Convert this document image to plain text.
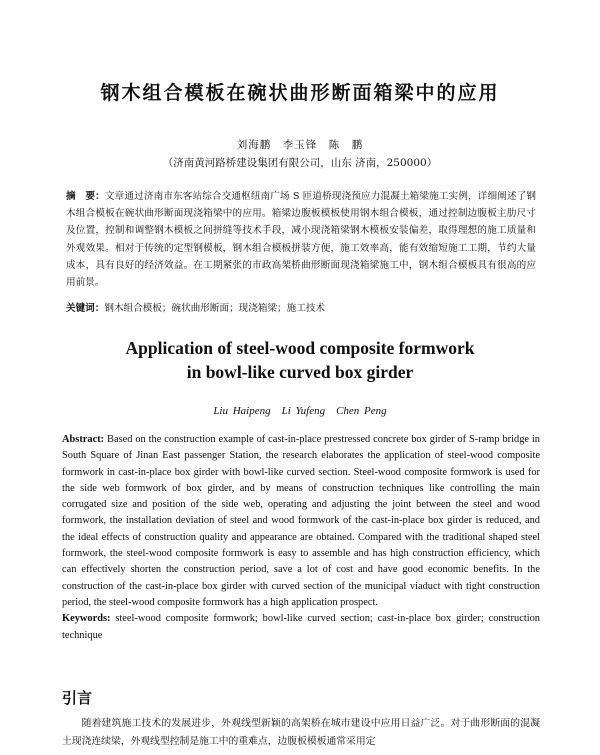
钢木组合模板在碗状曲形断面箱梁中的应用
刘海鹏　李玉锋　陈　鹏
（济南黄河路桥建设集团有限公司，山东 济南，250000）
摘　要：文章通过济南市东客站综合交通枢纽南广场 S 匝道桥现浇预应力混凝土箱梁施工实例，详细阐述了钢木组合模板在碗状曲形断面现浇箱梁中的应用。箱梁边腹板模板使用钢木组合模板，通过控制边腹板主肋尺寸及位置，控制和调整钢木模板之间拼缝等技术手段，减小现浇箱梁钢木模板安装偏差，取得理想的施工质量和外观效果。相对于传统的定型钢模板，钢木组合模板拼装方便，施工效率高，能有效缩短施工工期，节约大量成本，具有良好的经济效益。在工期紧张的市政高架桥曲形断面现浇箱梁施工中，钢木组合模板具有很高的应用前景。
关键词：钢木组合模板；碗状曲形断面；现浇箱梁；施工技术
Application of steel-wood composite formwork
in bowl-like curved box girder
Liu Haipeng　Li Yufeng　Chen Peng
Abstract: Based on the construction example of cast-in-place prestressed concrete box girder of S-ramp bridge in South Square of Jinan East passenger Station, the research elaborates the application of steel-wood composite formwork in cast-in-place box girder with bowl-like curved section. Steel-wood composite formwork is used for the side web formwork of box girder, and by means of construction techniques like controlling the main corrugated size and position of the side web, operating and adjusting the joint between the steel and wood formwork, the installation deviation of steel and wood formwork of the cast-in-place box girder is reduced, and the ideal effects of construction quality and appearance are obtained. Compared with the traditional shaped steel formwork, the steel-wood composite formwork is easy to assemble and has high construction efficiency, which can effectively shorten the construction period, save a lot of cost and have good economic benefits. In the construction of the cast-in-place box girder with curved section of the municipal viaduct with tight construction period, the steel-wood composite formwork has a high application prospect.
Keywords: steel-wood composite formwork; bowl-like curved section; cast-in-place box girder; construction technique
引言
随着建筑施工技术的发展进步，外观线型新颖的高架桥在城市建设中应用日益广泛。对于曲形断面的混凝土现浇连续梁，外观线型控制是施工中的重难点，边腹板模板通常采用定
